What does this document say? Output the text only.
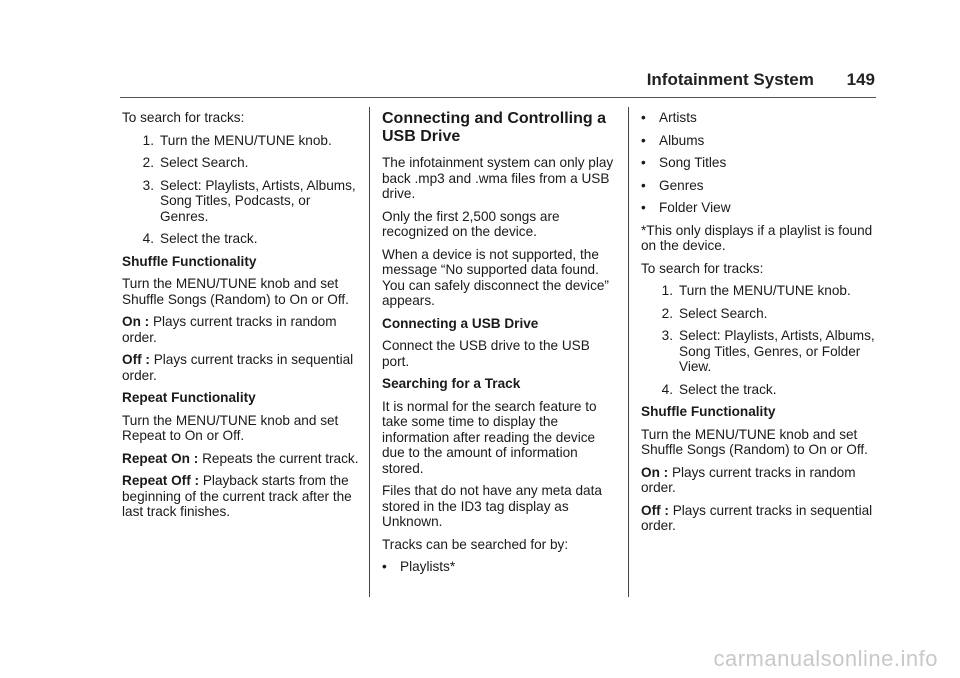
Infotainment System 149

To search for tracks:

1. Turn the MENU/TUNE knob.
2. Select Search.
3. Select: Playlists, Artists, Albums, Song Titles, Podcasts, or Genres.
4. Select the track.

Shuffle Functionality

Turn the MENU/TUNE knob and set Shuffle Songs (Random) to On or Off.

On : Plays current tracks in random order.

Off : Plays current tracks in sequential order.

Repeat Functionality

Turn the MENU/TUNE knob and set Repeat to On or Off.

Repeat On : Repeats the current track.

Repeat Off : Playback starts from the beginning of the current track after the last track finishes.

Connecting and Controlling a USB Drive

The infotainment system can only play back .mp3 and .wma files from a USB drive.

Only the first 2,500 songs are recognized on the device.

When a device is not supported, the message “No supported data found. You can safely disconnect the device” appears.

Connecting a USB Drive

Connect the USB drive to the USB port.

Searching for a Track

It is normal for the search feature to take some time to display the information after reading the device due to the amount of information stored.

Files that do not have any meta data stored in the ID3 tag display as Unknown.

Tracks can be searched for by:

• Playlists*
• Artists
• Albums
• Song Titles
• Genres
• Folder View

*This only displays if a playlist is found on the device.

To search for tracks:

1. Turn the MENU/TUNE knob.
2. Select Search.
3. Select: Playlists, Artists, Albums, Song Titles, Genres, or Folder View.
4. Select the track.

Shuffle Functionality

Turn the MENU/TUNE knob and set Shuffle Songs (Random) to On or Off.

On : Plays current tracks in random order.

Off : Plays current tracks in sequential order.

carmanualsonline.info
